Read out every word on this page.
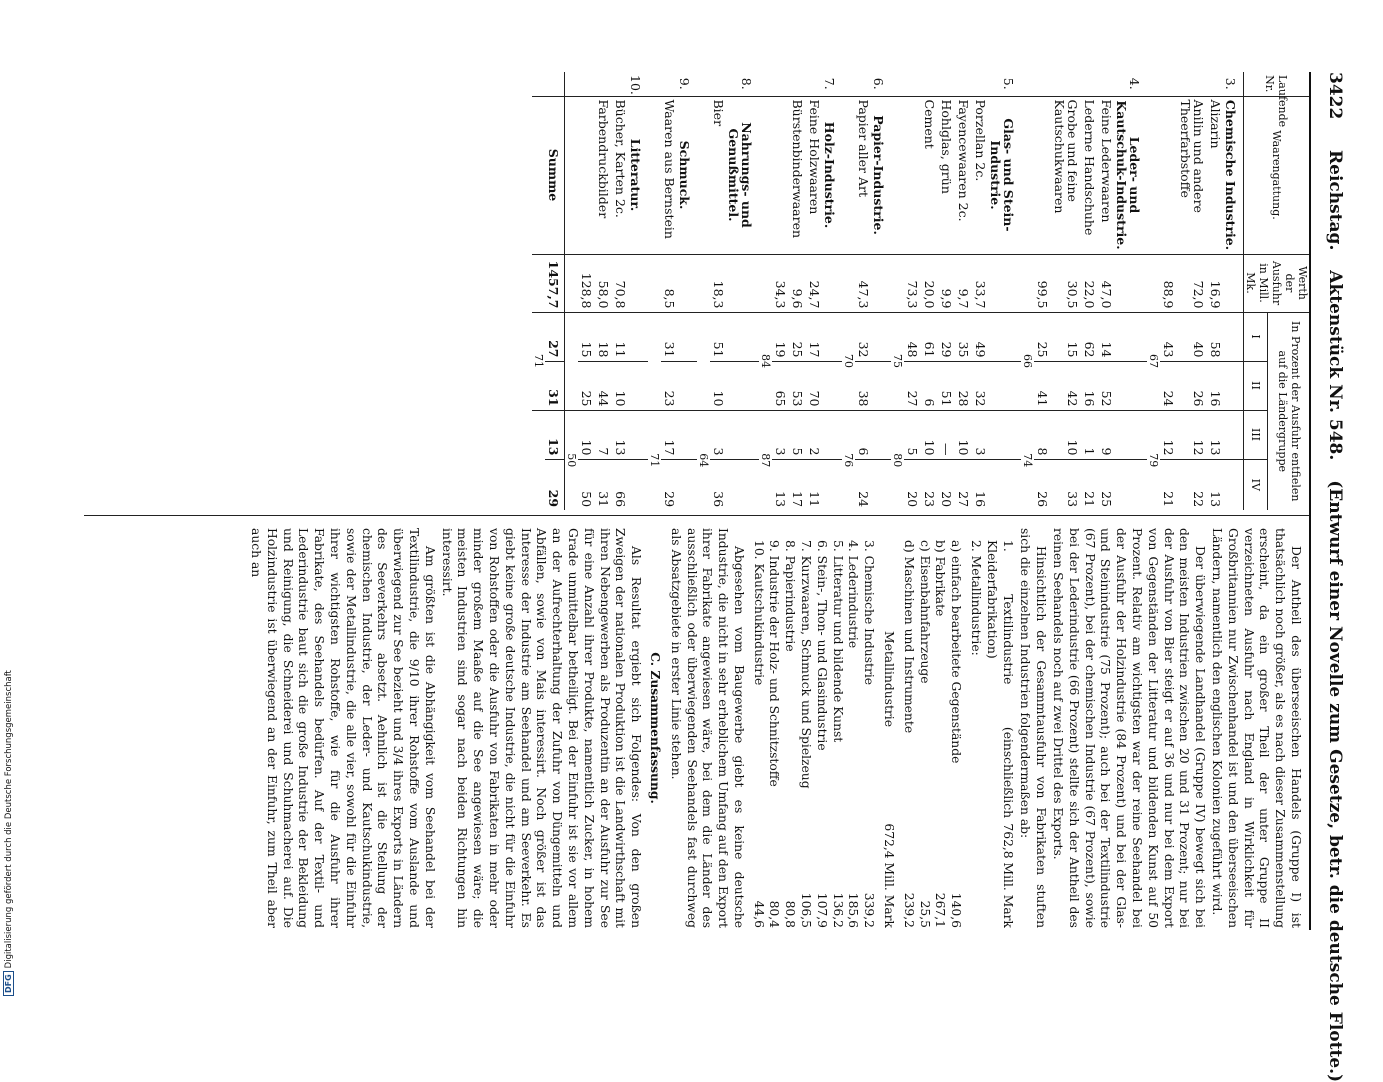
3422
Reichstag. Aktenstück Nr. 548. (Entwurf einer Novelle zum Gesetze, betr. die deutsche Flotte.)
Laufende Nr.	Waarengattung.	Werth der Ausfuhr in Mill. Mk.	In Prozent der Ausfuhr entfielen auf die Ländergruppe			
			I	II	III	IV
3.	Chemische Industrie.					

	Alizarin	16,9	58	16	13	13
	Anilin und andere Theerfarbstoffe	72,0	40	26	12	22
		88,9	43	24	12	21
			67		79	
4.	Leder- und Kautschuk-Industrie.					

	Feine Lederwaaren	47,0	14	52	9	25
	Lederne Handschuhe	22,0	62	16	1	21
	Grobe und feine Kautschukwaaren	30,5	15	42	10	33
		99,5	25	41	8	26
			66		74	
5.	Glas- und Stein-Industrie.					

	Porzellan 2c.	33,7	49	32	3	16
	Fayencewaaren 2c.	9,7	35	28	10	27
	Hohlglas, grün	9,9	29	51	—	20
	Cement	20,0	61	6	10	23
		73,3	48	27	5	20
			75		80	
6.	Papier-Industrie.					

	Papier aller Art	47,3	32	38	6	24
			70		76	
7.	Holz-Industrie.					

	Feine Holzwaaren	24,7	17	70	2	11
	Bürstenbinderwaaren	9,6	25	53	5	17
		34,3	19	65	3	13
			84		87	
8.	Nahrungs- und Genußmittel.					

	Bier	18,3	51	10	3	36
					64	
9.	Schmuck.					

	Waaren aus Bernstein	8,5	31	23	17	29
					71	
10.	Litteratur.					

	Bücher, Karten 2c.	70,8	11	10	13	66
	Farbendruckbilder	58,0	18	44	7	31
		128,8	15	25	10	50
					50	
	Summe	1457,7	27	31	13	29
			71			

Der Antheil des überseeischen Handels (Gruppe I) ist thatsächlich noch größer, als es nach dieser Zusammenstellung erscheint, da ein großer Theil der unter Gruppe II verzeichneten Ausfuhr nach England in Wirklichkeit für Großbritannien nur Zwischenhandel ist und den überseeischen Ländern, namentlich den englischen Kolonien zugeführt wird.

Der überwiegende Landhandel (Gruppe IV) bewegt sich bei den meisten Industrien zwischen 20 und 31 Prozent; nur bei der Ausfuhr von Bier steigt er auf 36 und nur bei dem Export von Gegenständen der Litteratur und bildenden Kunst auf 50 Prozent. Relativ am wichtigsten war der reine Seehandel bei der Ausfuhr der Holzindustrie (84 Prozent) und bei der Glas- und Steinindustrie (75 Prozent); auch bei der Textilindustrie (67 Prozent), bei der chemischen Industrie (67 Prozent), sowie bei der Lederindustrie (66 Prozent) stellte sich der Antheil des reinen Seehandels noch auf zwei Drittel des Exports.

Hinsichtlich der Gesammtausfuhr von Fabrikaten stuften sich die einzelnen Industrien folgendermaßen ab:

1. Textilindustrie (einschließlich Kleiderfabrikation)
762,8 Mill. Mark
2. Metallindustrie:
a) einfach bearbeitete Gegenstände
140,6
b) Fabrikate
267,1
c) Eisenbahnfahrzeuge
25,5
d) Maschinen und Instrumente
239,2
Metallindustrie
672,4 Mill. Mark
3. Chemische Industrie
339,2
4. Lederindustrie
185,6
5. Litteratur und bildende Kunst
136,2
6. Stein-, Thon- und Glasindustrie
107,9
7. Kurzwaaren, Schmuck und Spielzeug
106,5
8. Papierindustrie
80,8
9. Industrie der Holz- und Schnitzstoffe
80,4
10. Kautschukindustrie
44,6

Abgesehen vom Baugewerbe giebt es keine deutsche Industrie, die nicht in sehr erheblichem Umfang auf den Export ihrer Fabrikate angewiesen wäre, bei dem die Länder des ausschließlich oder überwiegenden Seehandels fast durchweg als Absatzgebiete in erster Linie stehen.

C. Zusammenfassung.

Als Resultat ergiebt sich Folgendes: Von den großen Zweigen der nationalen Produktion ist die Landwirthschaft mit ihren Nebengewerben als Produzentin an der Ausfuhr zur See für eine Anzahl ihrer Produkte, namentlich Zucker, in hohem Grade unmittelbar betheiligt. Bei der Einfuhr ist sie vor allem an der Aufrechterhaltung der Zufuhr von Düngemitteln und Abfällen, sowie von Mais interessirt. Noch größer ist das Interesse der Industrie am Seehandel und am Seeverkehr. Es giebt keine große deutsche Industrie, die nicht für die Einfuhr von Rohstoffen oder die Ausfuhr von Fabrikaten in mehr oder minder großem Maaße auf die See angewiesen wäre; die meisten Industrien sind sogar nach beiden Richtungen hin interessirt.

Am größten ist die Abhängigkeit vom Seehandel bei der Textilindustrie, die 9/10 ihrer Rohstoffe vom Auslande und überwiegend zur See bezieht und 3/4 ihres Exports in Ländern des Seeverkehrs absetzt. Aehnlich ist die Stellung der chemischen Industrie, der Leder- und Kautschukindustrie, sowie der Metallindustrie, die alle vier, sowohl für die Einfuhr ihrer wichtigsten Rohstoffe, wie für die Ausfuhr ihrer Fabrikate, des Seehandels bedürfen. Auf der Textil- und Lederindustrie baut sich die große Industrie der Bekleidung und Reinigung, die Schneiderei und Schuhmacherei auf. Die Holzindustrie ist überwiegend an der Einfuhr, zum Theil aber auch an

DFGDigitalisierung gefördert durch die Deutsche Forschungsgemeinschaft
